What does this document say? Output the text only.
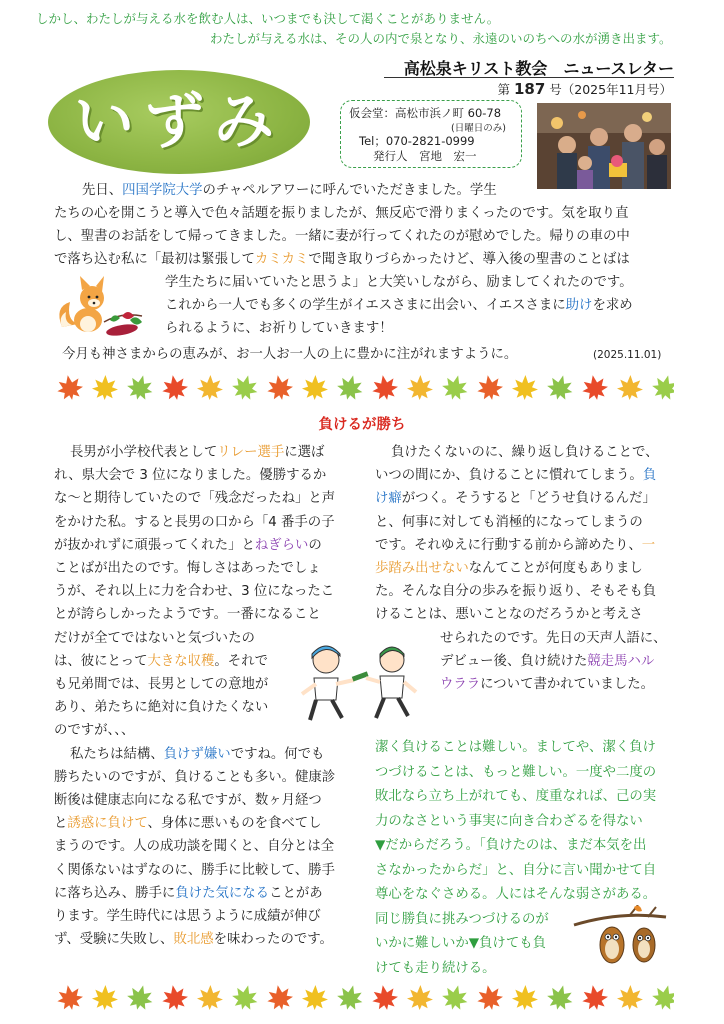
しかし、わたしが与える水を飲む人は、いつまでも決して渇くことがありません。
わたしが与える水は、その人の内で泉となり、永遠のいのちへの水が湧き出ます。
高松泉キリスト教会　ニュースレター
第 187 号（2025年11月号）
いずみ	仮会堂：高松市浜ノ町 60-78
(日曜日のみ)
Tel；070-2821-0999
発行人　宮地　宏一
先日、四国学院大学のチャペルアワーに呼んでいただきました。学生
たちの心を開こうと導入で色々話題を振りましたが、無反応で滑りまくったのです。気を取り直
し、聖書のお話をして帰ってきました。一緒に妻が行ってくれたのが慰めでした。帰りの車の中
で落ち込む私に「最初は緊張してカミカミで聞き取りづらかったけど、導入後の聖書のことばは
学生たちに届いていたと思うよ」と大笑いしながら、励ましてくれたのです。
これから一人でも多くの学生がイエスさまに出会い、イエスさまに助けを求め
られるように、お祈りしていきます！
今月も神さまからの恵みが、お一人お一人の上に豊かに注がれますように。	(2025.11.01)
負けるが勝ち
長男が小学校代表としてリレー選手に選ば
れ、県大会で 3 位になりました。優勝するか
な～と期待していたので「残念だったね」と声
をかけた私。すると長男の口から「4 番手の子
が抜かれずに頑張ってくれた」とねぎらいの
ことばが出たのです。悔しさはあったでしょ
うが、それ以上に力を合わせ、3 位になったこ
とが誇らしかったようです。一番になること
だけが全てではないと気づいたの
は、彼にとって大きな収穫。それで
も兄弟間では、長男としての意地が
あり、弟たちに絶対に負けたくない
のですが、、、
私たちは結構、負けず嫌いですね。何でも
勝ちたいのですが、負けることも多い。健康診
断後は健康志向になる私ですが、数ヶ月経つ
と誘惑に負けて、身体に悪いものを食べてし
まうのです。人の成功談を聞くと、自分とは全
く関係ないはずなのに、勝手に比較して、勝手
に落ち込み、勝手に負けた気になることがあ
ります。学生時代には思うように成績が伸び
ず、受験に失敗し、敗北感を味わったのです。
負けたくないのに、繰り返し負けることで、
いつの間にか、負けることに慣れてしまう。負
け癖がつく。そうすると「どうせ負けるんだ」
と、何事に対しても消極的になってしまうの
です。それゆえに行動する前から諦めたり、一
歩踏み出せないなんてことが何度もありまし
た。そんな自分の歩みを振り返り、そもそも負
けることは、悪いことなのだろうかと考えさ
せられたのです。先日の天声人語に、
デビュー後、負け続けた競走馬ハル
ウララについて書かれていました。
潔く負けることは難しい。ましてや、潔く負け
つづけることは、もっと難しい。一度や二度の
敗北なら立ち上がれても、度重なれば、己の実
力のなさという事実に向き合わざるを得ない
▼だからだろう。「負けたのは、まだ本気を出
さなかったからだ」と、自分に言い聞かせて自
尊心をなぐさめる。人にはそんな弱さがある。
同じ勝負に挑みつづけるのが
いかに難しいか▼負けても負
けても走り続ける。
